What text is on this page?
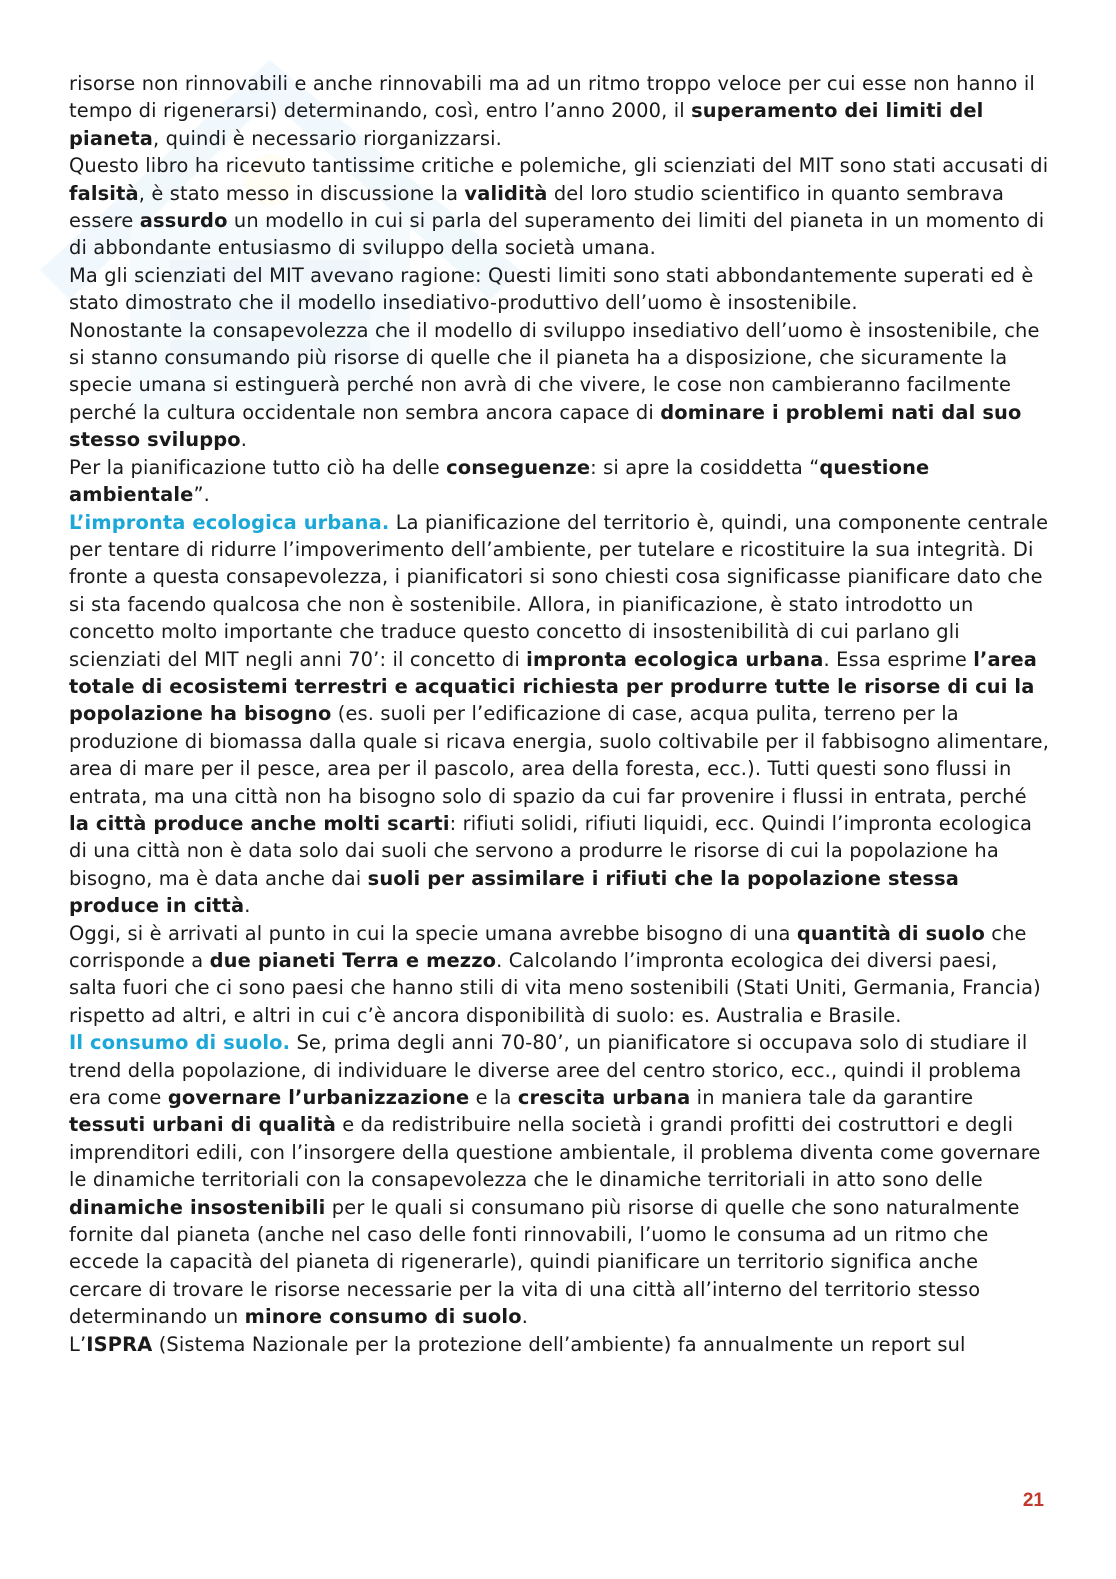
risorse non rinnovabili e anche rinnovabili ma ad un ritmo troppo veloce per cui esse non hanno il tempo di rigenerarsi) determinando, così, entro l’anno 2000, il superamento dei limiti del pianeta, quindi è necessario riorganizzarsi.

Questo libro ha ricevuto tantissime critiche e polemiche, gli scienziati del MIT sono stati accusati di falsità, è stato messo in discussione la validità del loro studio scientifico in quanto sembrava essere assurdo un modello in cui si parla del superamento dei limiti del pianeta in un momento di di abbondante entusiasmo di sviluppo della società umana.

Ma gli scienziati del MIT avevano ragione: Questi limiti sono stati abbondantemente superati ed è stato dimostrato che il modello insediativo-produttivo dell’uomo è insostenibile.

Nonostante la consapevolezza che il modello di sviluppo insediativo dell’uomo è insostenibile, che si stanno consumando più risorse di quelle che il pianeta ha a disposizione, che sicuramente la specie umana si estinguerà perché non avrà di che vivere, le cose non cambieranno facilmente perché la cultura occidentale non sembra ancora capace di dominare i problemi nati dal suo stesso sviluppo.

Per la pianificazione tutto ciò ha delle conseguenze: si apre la cosiddetta “questione ambientale”.

L’impronta ecologica urbana. La pianificazione del territorio è, quindi, una componente centrale per tentare di ridurre l’impoverimento dell’ambiente, per tutelare e ricostituire la sua integrità. Di fronte a questa consapevolezza, i pianificatori si sono chiesti cosa significasse pianificare dato che si sta facendo qualcosa che non è sostenibile. Allora, in pianificazione, è stato introdotto un concetto molto importante che traduce questo concetto di insostenibilità di cui parlano gli scienziati del MIT negli anni 70’: il concetto di impronta ecologica urbana. Essa esprime l’area totale di ecosistemi terrestri e acquatici richiesta per produrre tutte le risorse di cui la popolazione ha bisogno (es. suoli per l’edificazione di case, acqua pulita, terreno per la produzione di biomassa dalla quale si ricava energia, suolo coltivabile per il fabbisogno alimentare, area di mare per il pesce, area per il pascolo, area della foresta, ecc.). Tutti questi sono flussi in entrata, ma una città non ha bisogno solo di spazio da cui far provenire i flussi in entrata, perché la città produce anche molti scarti: rifiuti solidi, rifiuti liquidi, ecc. Quindi l’impronta ecologica di una città non è data solo dai suoli che servono a produrre le risorse di cui la popolazione ha bisogno, ma è data anche dai suoli per assimilare i rifiuti che la popolazione stessa produce in città.

Oggi, si è arrivati al punto in cui la specie umana avrebbe bisogno di una quantità di suolo che corrisponde a due pianeti Terra e mezzo. Calcolando l’impronta ecologica dei diversi paesi, salta fuori che ci sono paesi che hanno stili di vita meno sostenibili (Stati Uniti, Germania, Francia) rispetto ad altri, e altri in cui c’è ancora disponibilità di suolo: es. Australia e Brasile.

Il consumo di suolo. Se, prima degli anni 70-80’, un pianificatore si occupava solo di studiare il trend della popolazione, di individuare le diverse aree del centro storico, ecc., quindi il problema era come governare l’urbanizzazione e la crescita urbana in maniera tale da garantire tessuti urbani di qualità e da redistribuire nella società i grandi profitti dei costruttori e degli imprenditori edili, con l’insorgere della questione ambientale, il problema diventa come governare le dinamiche territoriali con la consapevolezza che le dinamiche territoriali in atto sono delle dinamiche insostenibili per le quali si consumano più risorse di quelle che sono naturalmente fornite dal pianeta (anche nel caso delle fonti rinnovabili, l’uomo le consuma ad un ritmo che eccede la capacità del pianeta di rigenerarle), quindi pianificare un territorio significa anche cercare di trovare le risorse necessarie per la vita di una città all’interno del territorio stesso determinando un minore consumo di suolo.

L’ISPRA (Sistema Nazionale per la protezione dell’ambiente) fa annualmente un report sul

21
